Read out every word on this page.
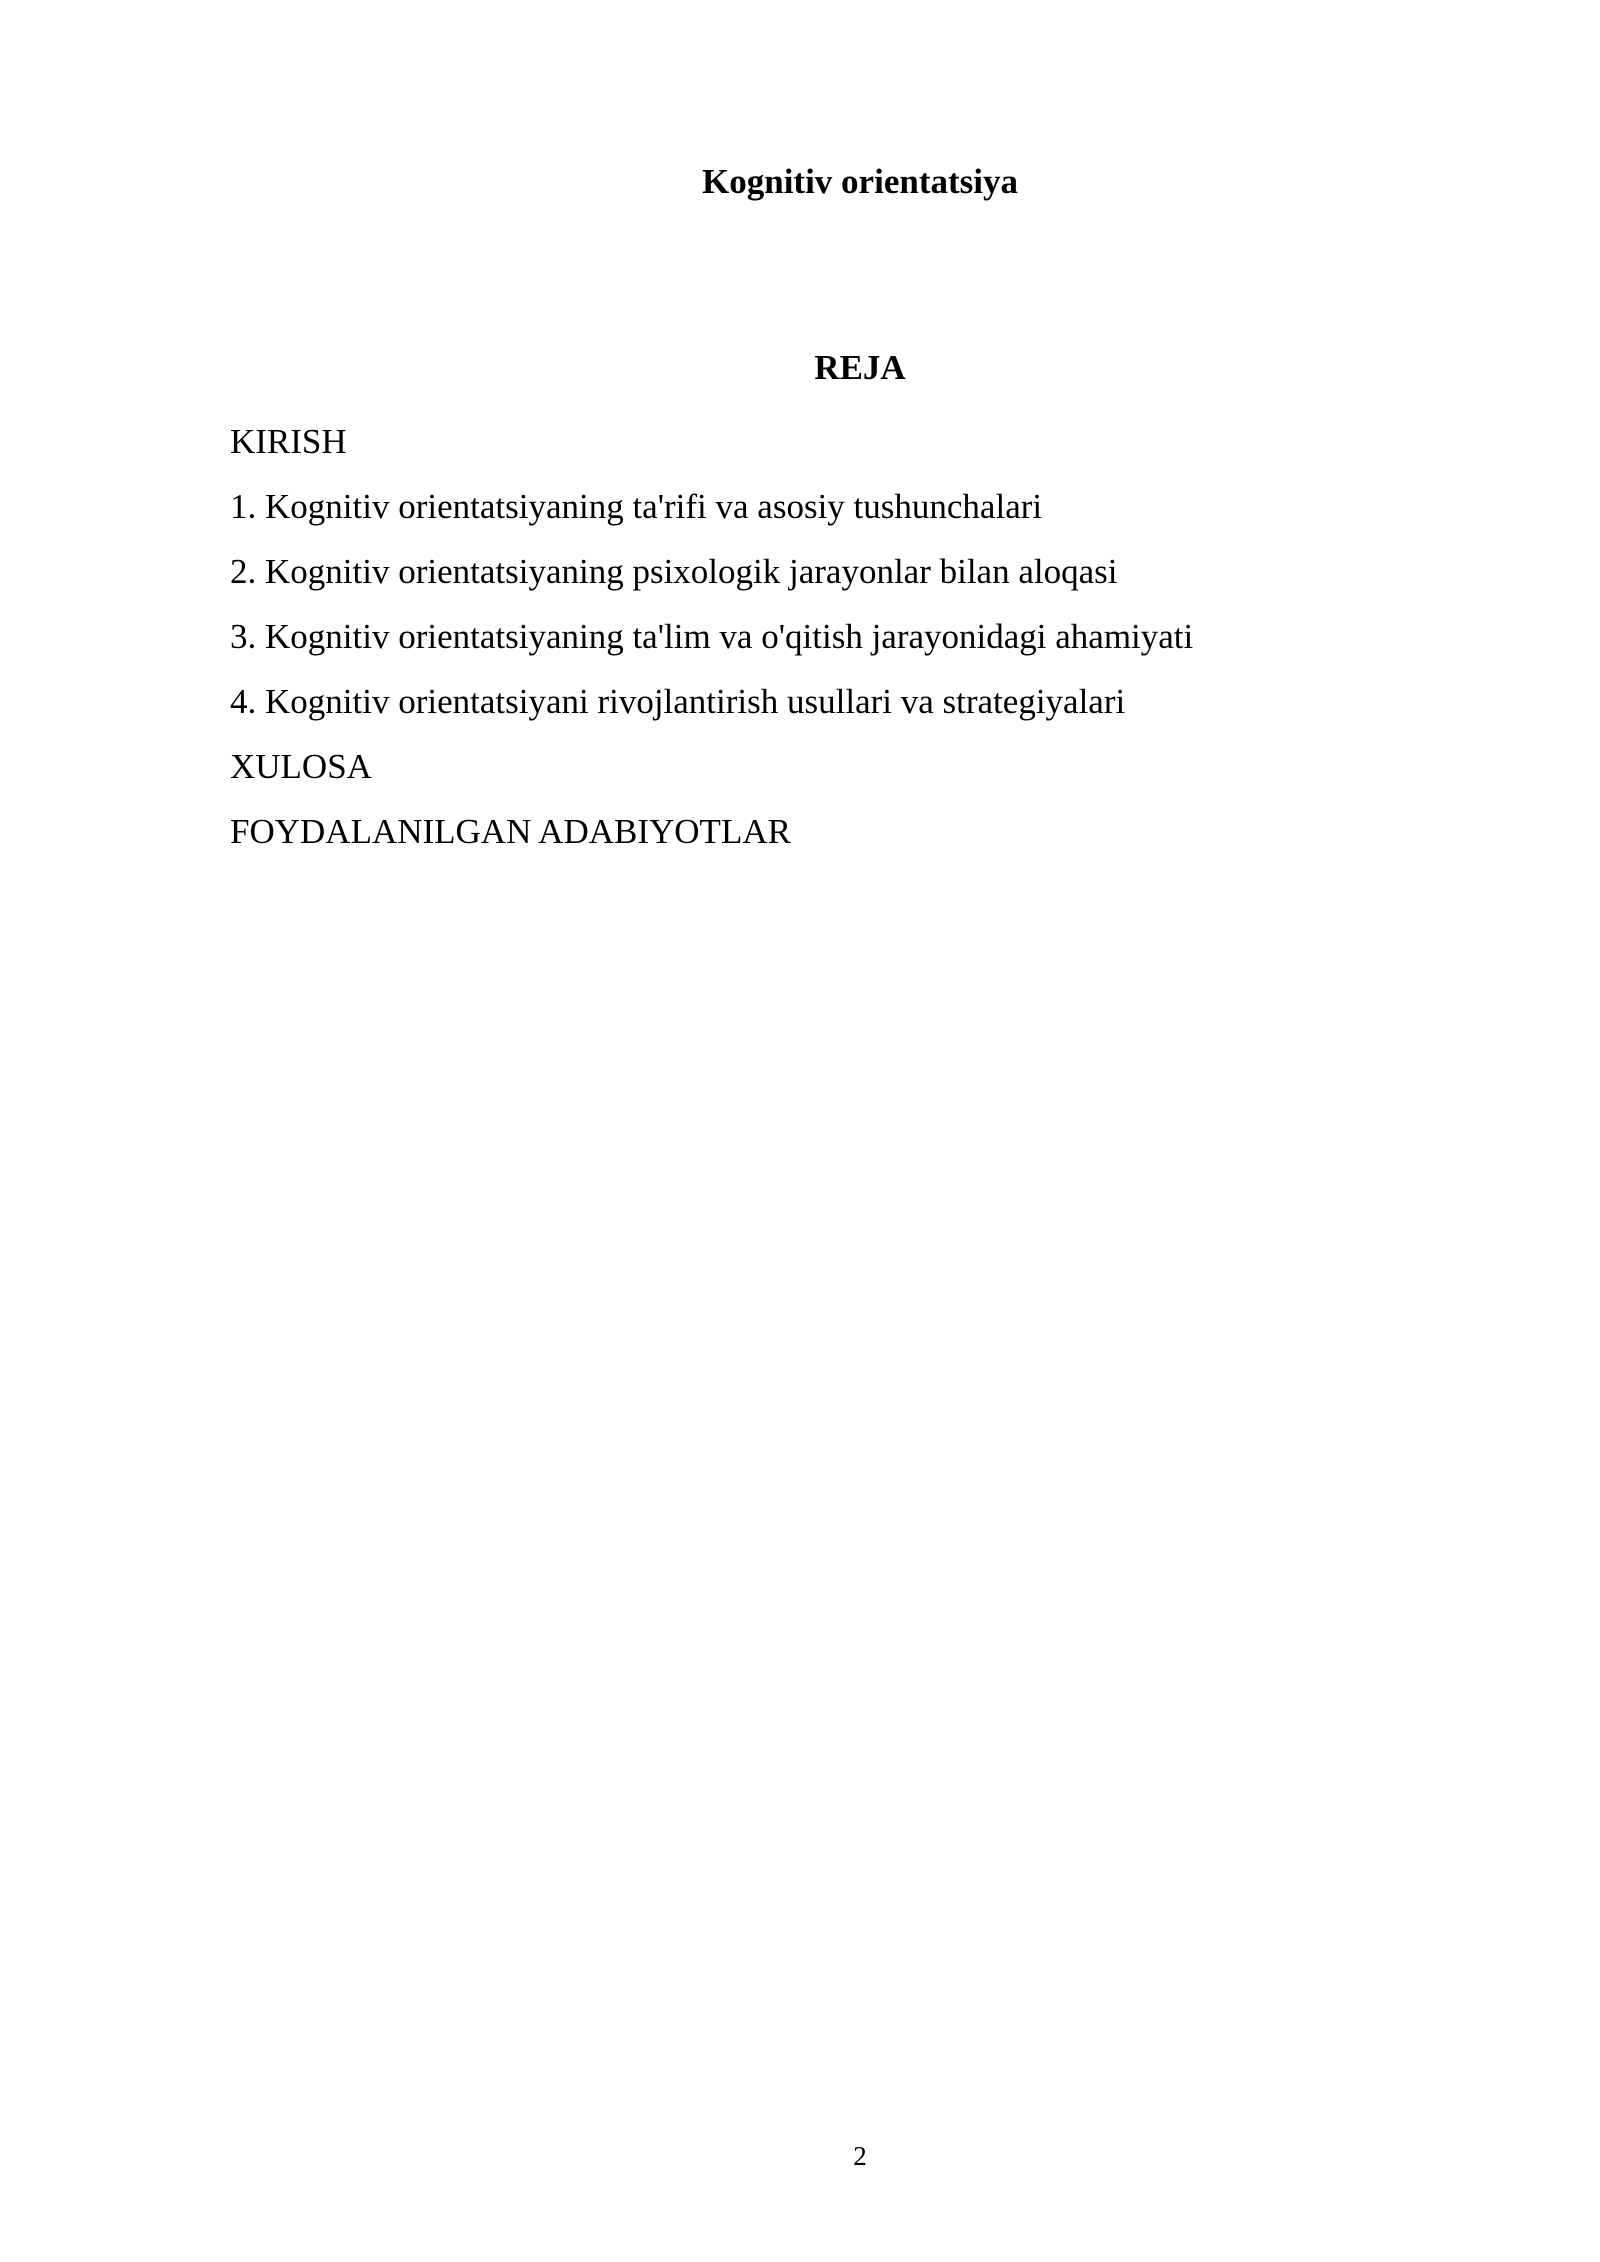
Kognitiv orientatsiya
REJA
KIRISH
1. Kognitiv orientatsiyaning ta'rifi va asosiy tushunchalari
2. Kognitiv orientatsiyaning psixologik jarayonlar bilan aloqasi
3. Kognitiv orientatsiyaning ta'lim va o'qitish jarayonidagi ahamiyati
4. Kognitiv orientatsiyani rivojlantirish usullari va strategiyalari
XULOSA
FOYDALANILGAN ADABIYOTLAR
2
